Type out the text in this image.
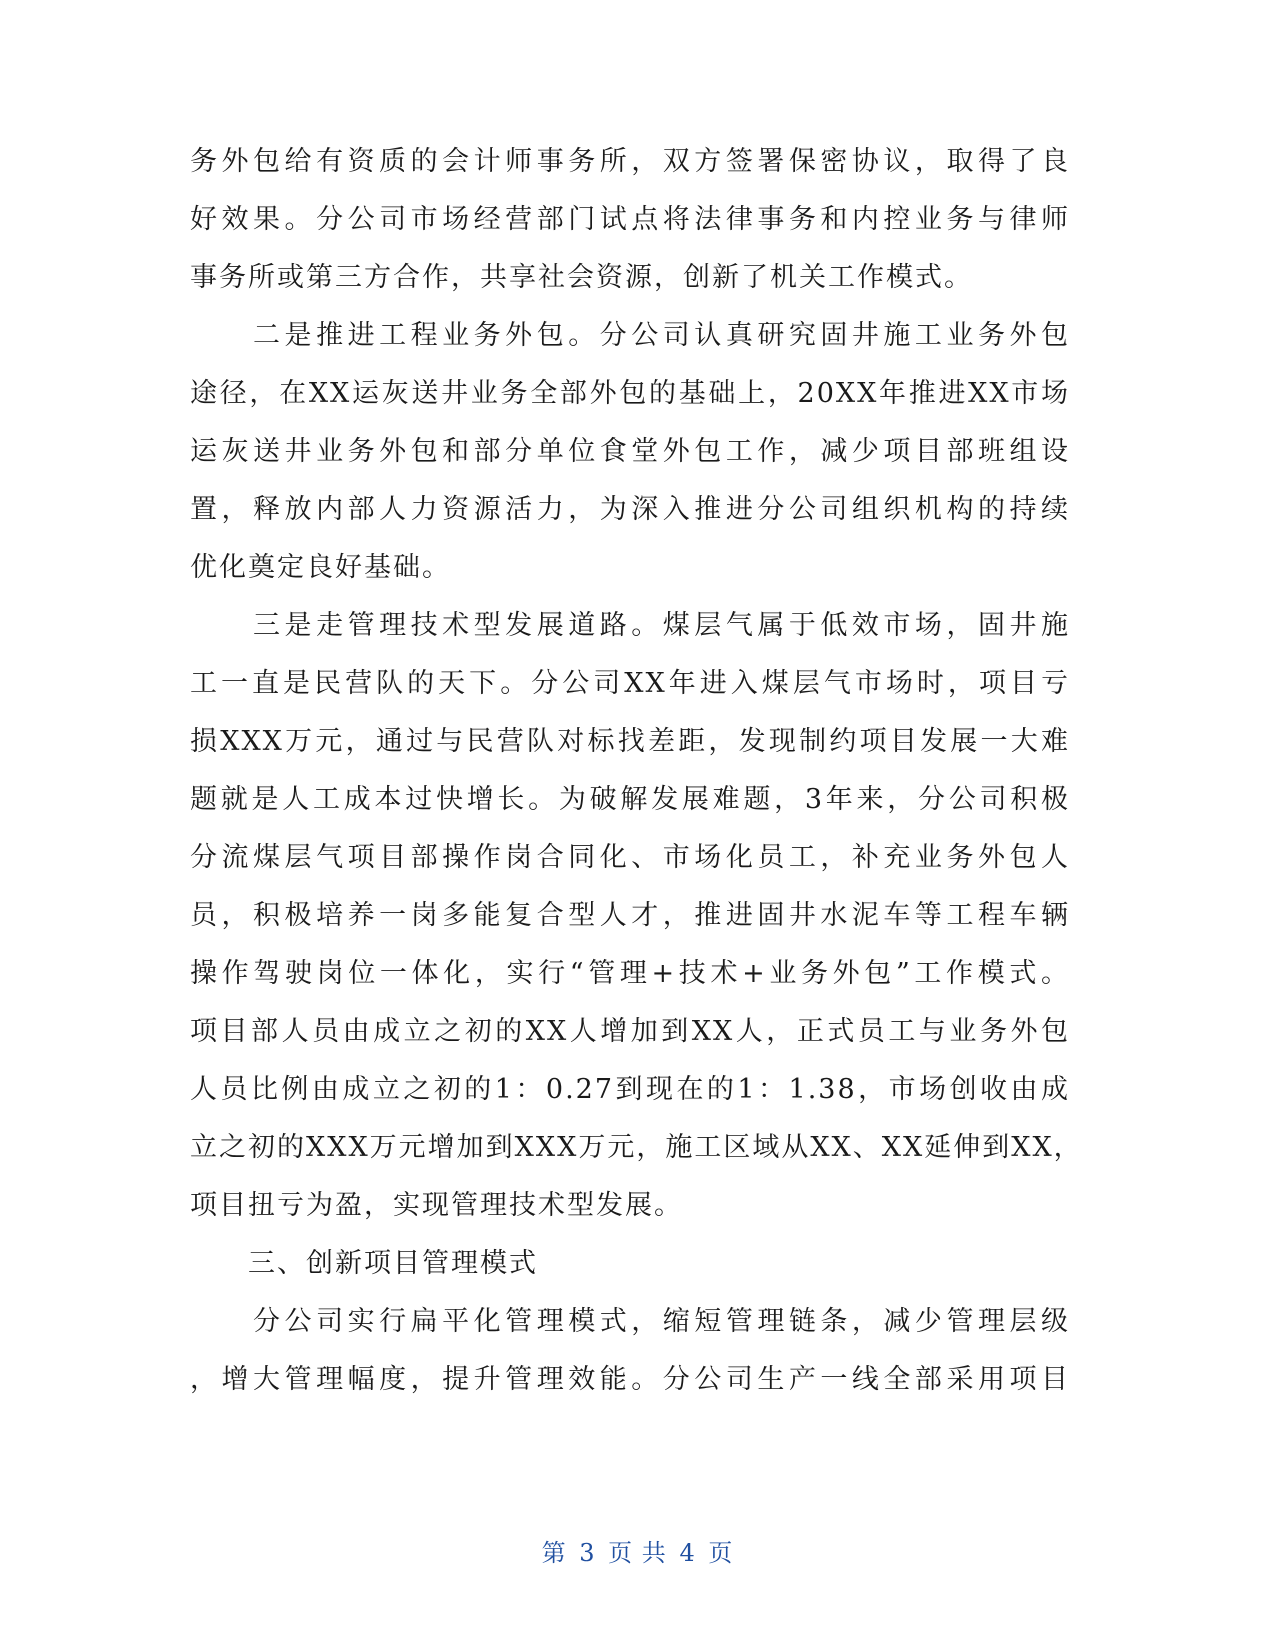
务外包给有资质的会计师事务所，双方签署保密协议，取得了良
好效果。分公司市场经营部门试点将法律事务和内控业务与律师
事务所或第三方合作，共享社会资源，创新了机关工作模式。
　　二是推进工程业务外包。分公司认真研究固井施工业务外包
途径，在XX运灰送井业务全部外包的基础上，20XX年推进XX市场
运灰送井业务外包和部分单位食堂外包工作，减少项目部班组设
置，释放内部人力资源活力，为深入推进分公司组织机构的持续
优化奠定良好基础。
　　三是走管理技术型发展道路。煤层气属于低效市场，固井施
工一直是民营队的天下。分公司XX年进入煤层气市场时，项目亏
损XXX万元，通过与民营队对标找差距，发现制约项目发展一大难
题就是人工成本过快增长。为破解发展难题，3年来，分公司积极
分流煤层气项目部操作岗合同化、市场化员工，补充业务外包人
员，积极培养一岗多能复合型人才，推进固井水泥车等工程车辆
操作驾驶岗位一体化，实行“管理+技术+业务外包”工作模式。
项目部人员由成立之初的XX人增加到XX人，正式员工与业务外包
人员比例由成立之初的1：0.27到现在的1：1.38，市场创收由成
立之初的XXX万元增加到XXX万元，施工区域从XX、XX延伸到XX，
项目扭亏为盈，实现管理技术型发展。
　　三、创新项目管理模式
　　分公司实行扁平化管理模式，缩短管理链条，减少管理层级
，增大管理幅度，提升管理效能。分公司生产一线全部采用项目
第 3 页 共 4 页
